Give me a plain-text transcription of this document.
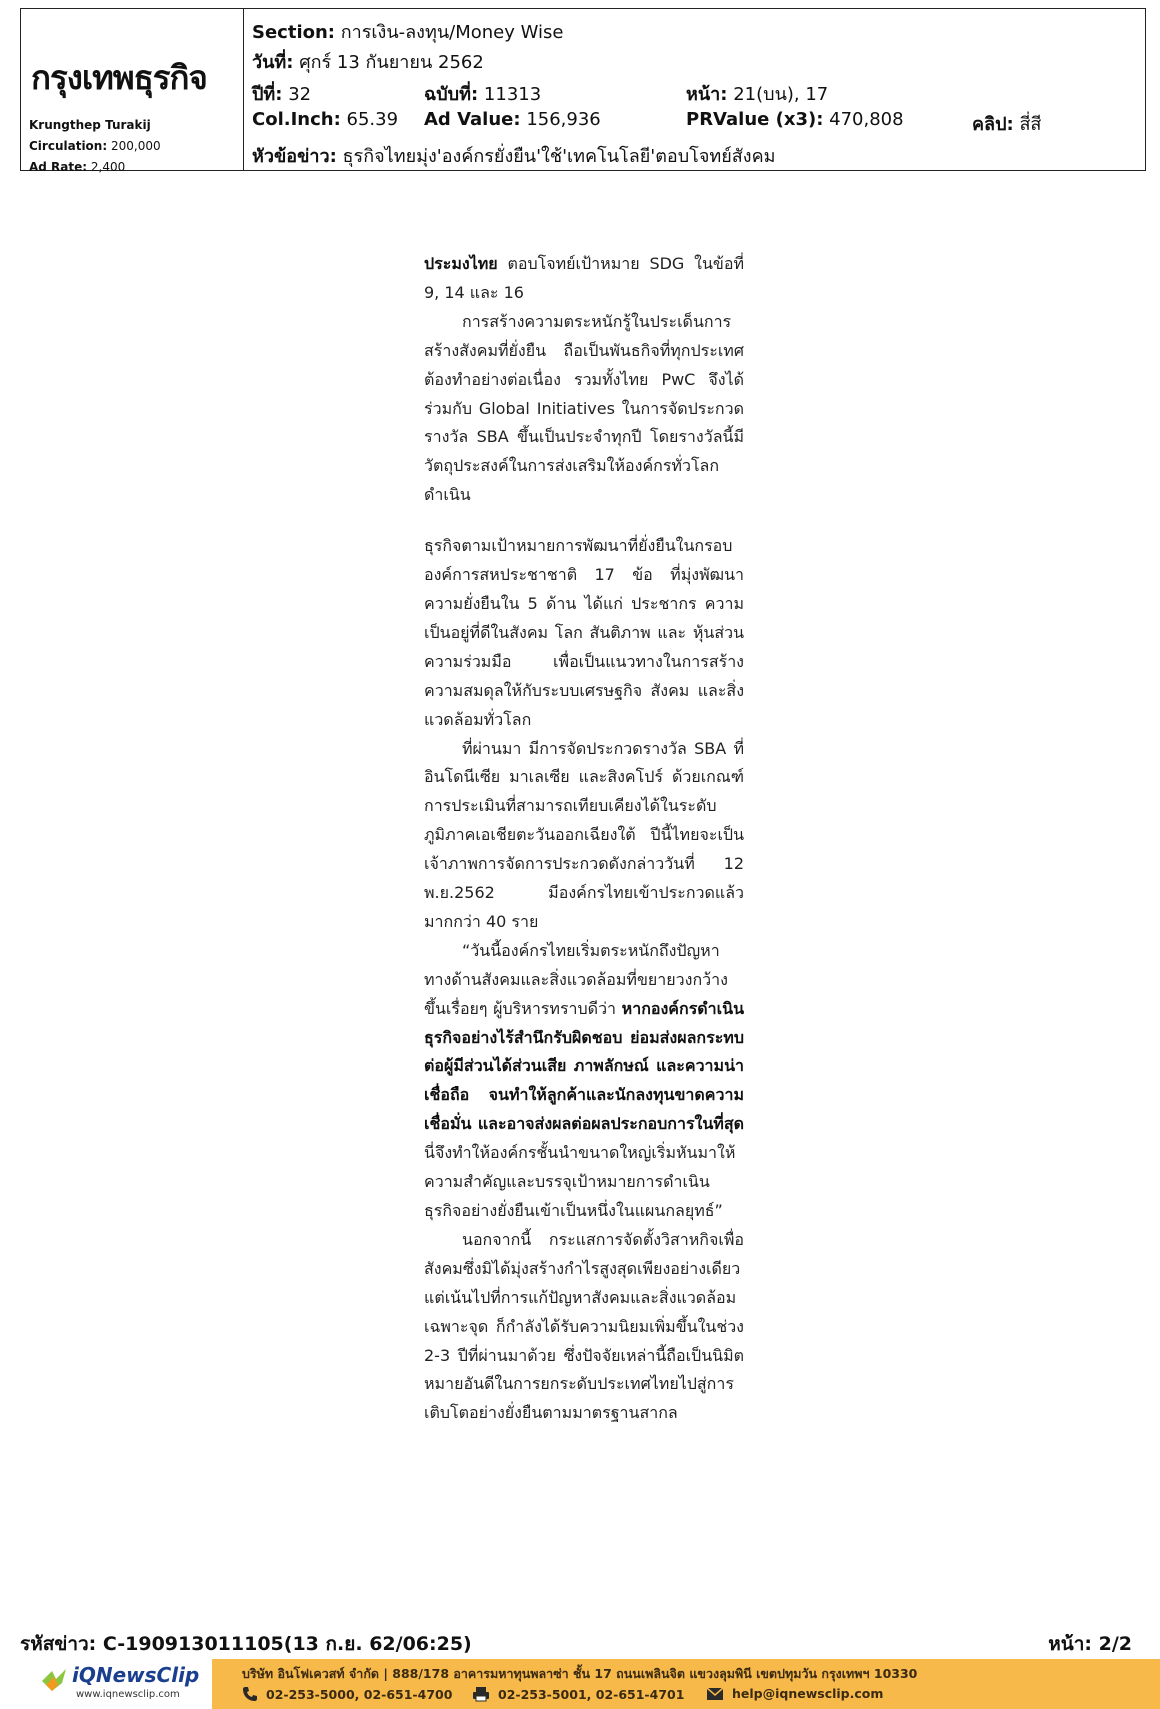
กรุงเทพธุรกิจ
Krungthep Turakij
Circulation: 200,000
Ad Rate: 2,400
Section: การเงิน-ลงทุน/Money Wise
วันที่: ศุกร์ 13 กันยายน 2562
ปีที่: 32	ฉบับที่: 11313	หน้า: 21(บน), 17
Col.Inch: 65.39 Ad Value: 156,936	PRValue (x3): 470,808	คลิป: สี่สี
หัวข้อข่าว: ธุรกิจไทยมุ่ง'องค์กรยั่งยืน'ใช้'เทคโนโลยี'ตอบโจทย์สังคม

ประมงไทย ตอบโจทย์เป้าหมาย SDG ในข้อที่ 9, 14 และ 16

การสร้างความตระหนักรู้ในประเด็นการสร้างสังคมที่ยั่งยืน ถือเป็นพันธกิจที่ทุกประเทศต้องทำอย่างต่อเนื่อง รวมทั้งไทย PwC จึงได้ร่วมกับ Global Initiatives ในการจัดประกวดรางวัล SBA ขึ้นเป็นประจำทุกปี โดยรางวัลนี้มีวัตถุประสงค์ในการส่งเสริมให้องค์กรทั่วโลกดำเนิน

ธุรกิจตามเป้าหมายการพัฒนาที่ยั่งยืนในกรอบองค์การสหประชาชาติ 17 ข้อ ที่มุ่งพัฒนาความยั่งยืนใน 5 ด้าน ได้แก่ ประชากร ความเป็นอยู่ที่ดีในสังคม โลก สันติภาพ และ หุ้นส่วนความร่วมมือ เพื่อเป็นแนวทางในการสร้างความสมดุลให้กับระบบเศรษฐกิจ สังคม และสิ่งแวดล้อมทั่วโลก

ที่ผ่านมา มีการจัดประกวดรางวัล SBA ที่อินโดนีเซีย มาเลเซีย และสิงคโปร์ ด้วยเกณฑ์การประเมินที่สามารถเทียบเคียงได้ในระดับภูมิภาคเอเชียตะวันออกเฉียงใต้ ปีนี้ไทยจะเป็นเจ้าภาพการจัดการประกวดดังกล่าววันที่ 12 พ.ย.2562 มีองค์กรไทยเข้าประกวดแล้วมากกว่า 40 ราย

“วันนี้องค์กรไทยเริ่มตระหนักถึงปัญหาทางด้านสังคมและสิ่งแวดล้อมที่ขยายวงกว้างขึ้นเรื่อยๆ ผู้บริหารทราบดีว่า หากองค์กรดำเนินธุรกิจอย่างไร้สำนึกรับผิดชอบ ย่อมส่งผลกระทบต่อผู้มีส่วนได้ส่วนเสีย ภาพลักษณ์ และความน่าเชื่อถือ จนทำให้ลูกค้าและนักลงทุนขาดความเชื่อมั่น และอาจส่งผลต่อผลประกอบการในที่สุด นี่จึงทำให้องค์กรชั้นนำขนาดใหญ่เริ่มหันมาให้ความสำคัญและบรรจุเป้าหมายการดำเนินธุรกิจอย่างยั่งยืนเข้าเป็นหนึ่งในแผนกลยุทธ์”

นอกจากนี้ กระแสการจัดตั้งวิสาหกิจเพื่อสังคมซึ่งมิได้มุ่งสร้างกำไรสูงสุดเพียงอย่างเดียว แต่เน้นไปที่การแก้ปัญหาสังคมและสิ่งแวดล้อมเฉพาะจุด ก็กำลังได้รับความนิยมเพิ่มขึ้นในช่วง 2-3 ปีที่ผ่านมาด้วย ซึ่งปัจจัยเหล่านี้ถือเป็นนิมิตหมายอันดีในการยกระดับประเทศไทยไปสู่การเติบโตอย่างยั่งยืนตามมาตรฐานสากล

รหัสข่าว: C-190913011105(13 ก.ย. 62/06:25)	หน้า: 2/2
iQNewsClip
www.iqnewsclip.com
บริษัท อินโฟเควสท์ จำกัด | 888/178 อาคารมหาทุนพลาซ่า ชั้น 17 ถนนเพลินจิต แขวงลุมพินี เขตปทุมวัน กรุงเทพฯ 10330
02-253-5000, 02-651-4700	02-253-5001, 02-651-4701	help@iqnewsclip.com
